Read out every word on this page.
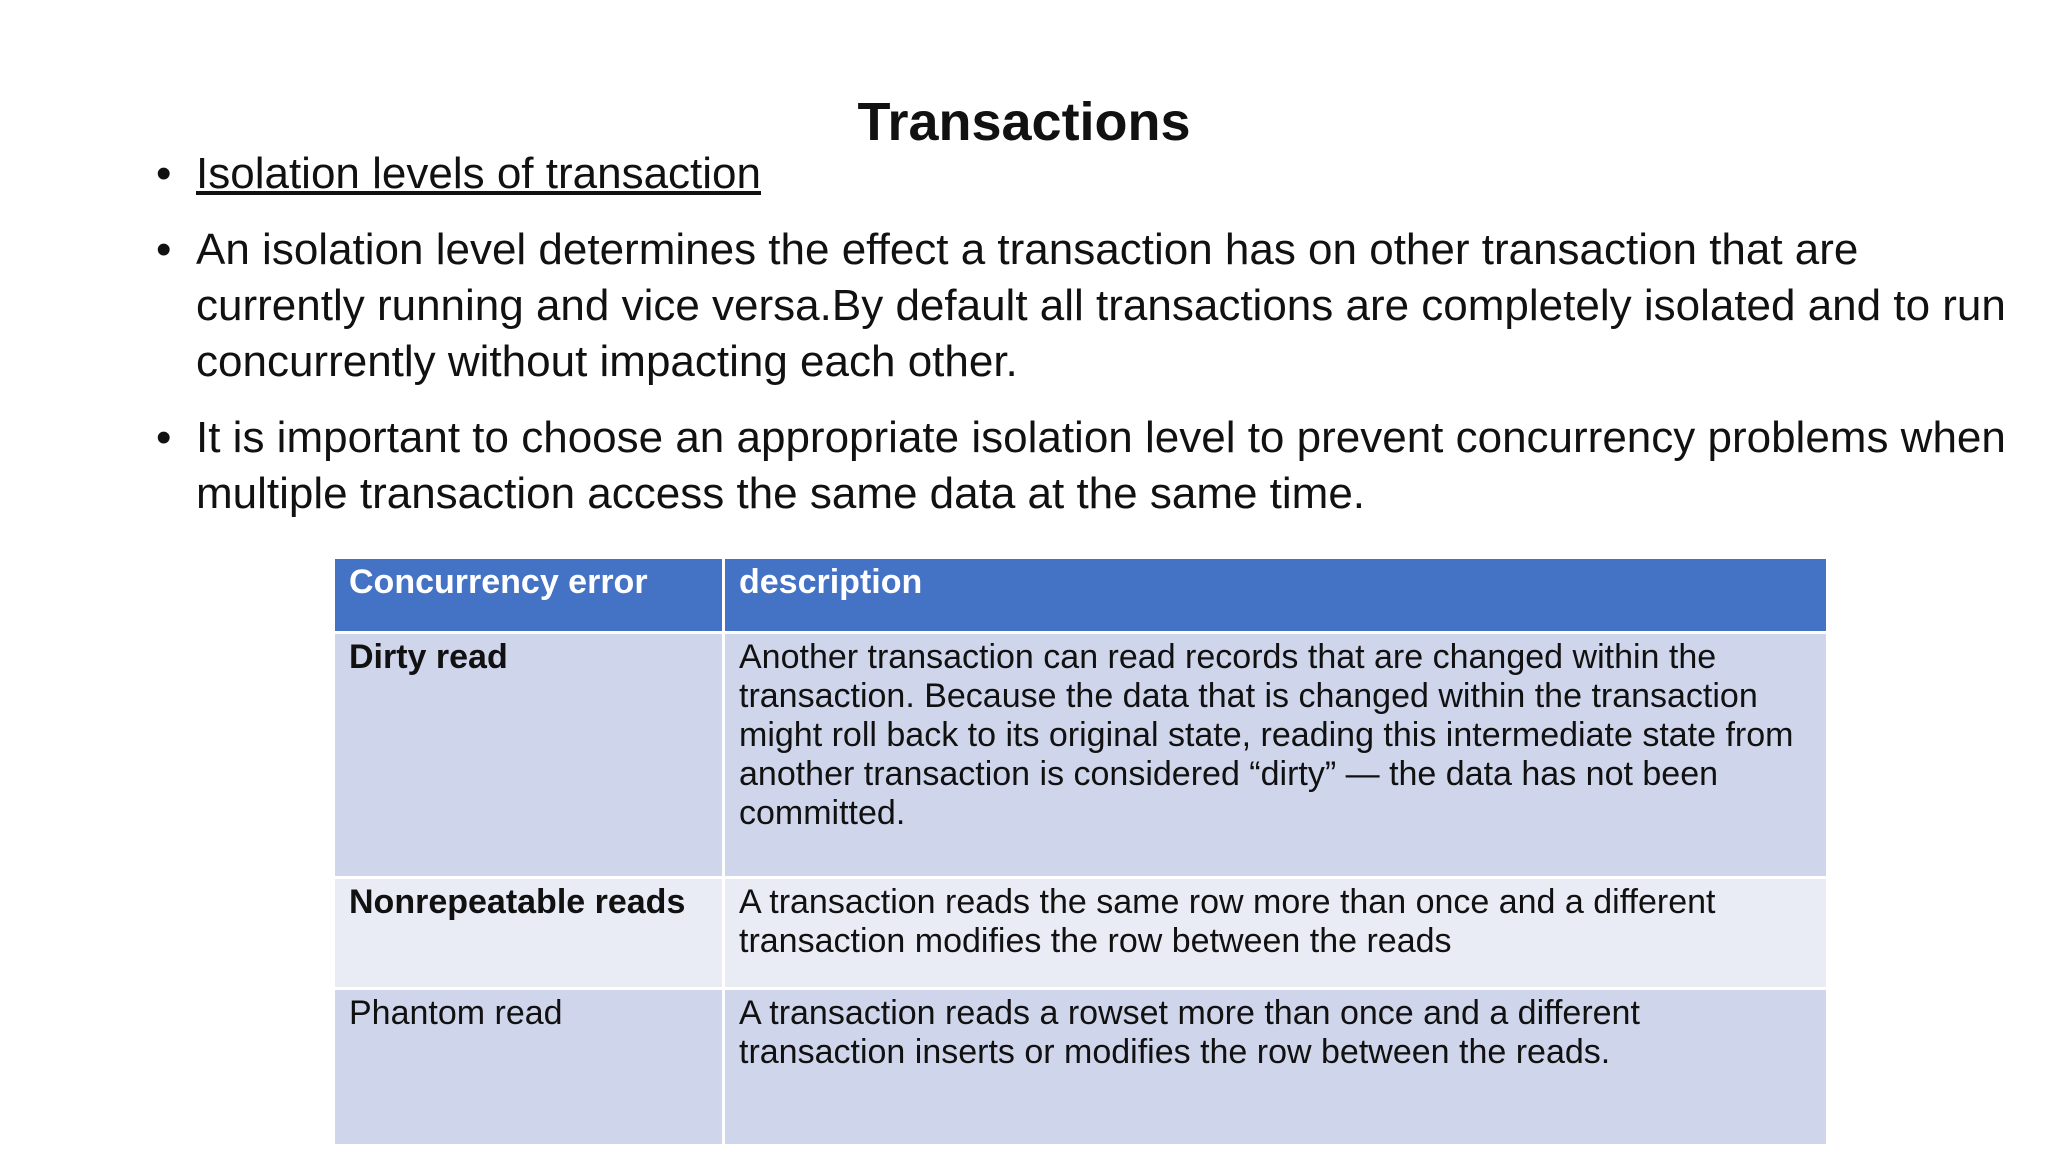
Transactions
• Isolation levels of transaction
• An isolation level determines the effect a transaction has on other transaction that are currently running and vice versa.By default all transactions are completely isolated and to run concurrently without impacting each other.
• It is important to choose an appropriate isolation level to prevent concurrency problems when multiple transaction access the same data at the same time.
Concurrency error	description
Dirty read	Another transaction can read records that are changed within the transaction. Because the data that is changed within the transaction might roll back to its original state, reading this intermediate state from another transaction is considered “dirty” — the data has not been committed.
Nonrepeatable reads	A transaction reads the same row more than once and a different transaction modifies the row between the reads
Phantom read	A transaction reads a rowset more than once and a different transaction inserts or modifies the row between the reads.
